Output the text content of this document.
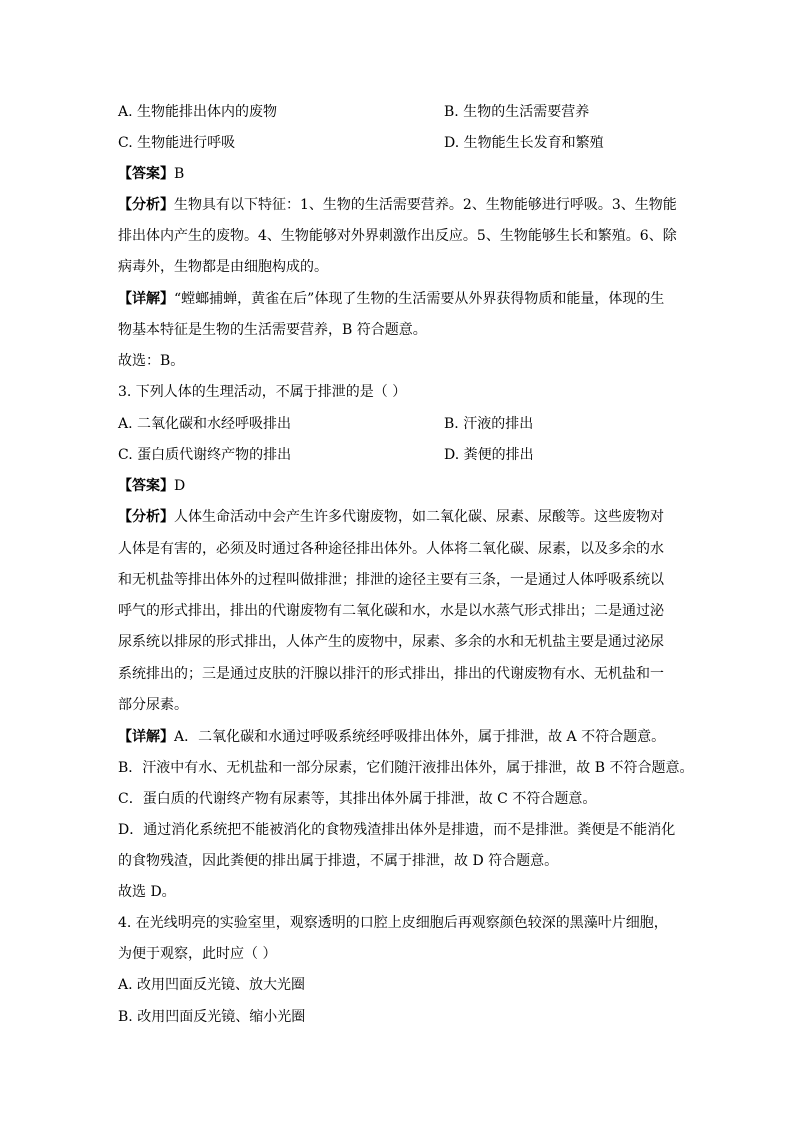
A. 生物能排出体内的废物	B. 生物的生活需要营养
C. 生物能进行呼吸	D. 生物能生长发育和繁殖
【答案】B
【分析】生物具有以下特征：1、生物的生活需要营养。2、生物能够进行呼吸。3、生物能
排出体内产生的废物。4、生物能够对外界刺激作出反应。5、生物能够生长和繁殖。6、除
病毒外，生物都是由细胞构成的。
【详解】“螳螂捕蝉，黄雀在后”体现了生物的生活需要从外界获得物质和能量，体现的生
物基本特征是生物的生活需要营养，B 符合题意。
故选：B。
3. 下列人体的生理活动，不属于排泄的是（ ）
A. 二氧化碳和水经呼吸排出	B. 汗液的排出
C. 蛋白质代谢终产物的排出	D. 粪便的排出
【答案】D
【分析】人体生命活动中会产生许多代谢废物，如二氧化碳、尿素、尿酸等。这些废物对
人体是有害的，必须及时通过各种途径排出体外。人体将二氧化碳、尿素，以及多余的水
和无机盐等排出体外的过程叫做排泄；排泄的途径主要有三条，一是通过人体呼吸系统以
呼气的形式排出，排出的代谢废物有二氧化碳和水，水是以水蒸气形式排出；二是通过泌
尿系统以排尿的形式排出，人体产生的废物中，尿素、多余的水和无机盐主要是通过泌尿
系统排出的；三是通过皮肤的汗腺以排汗的形式排出，排出的代谢废物有水、无机盐和一
部分尿素。
【详解】A．二氧化碳和水通过呼吸系统经呼吸排出体外，属于排泄，故 A 不符合题意。
B．汗液中有水、无机盐和一部分尿素，它们随汗液排出体外，属于排泄，故 B 不符合题意。
C．蛋白质的代谢终产物有尿素等，其排出体外属于排泄，故 C 不符合题意。
D．通过消化系统把不能被消化的食物残渣排出体外是排遗，而不是排泄。粪便是不能消化
的食物残渣，因此粪便的排出属于排遗，不属于排泄，故 D 符合题意。
故选 D。
4. 在光线明亮的实验室里，观察透明的口腔上皮细胞后再观察颜色较深的黑藻叶片细胞，
为便于观察，此时应（ ）
A. 改用凹面反光镜、放大光圈
B. 改用凹面反光镜、缩小光圈
